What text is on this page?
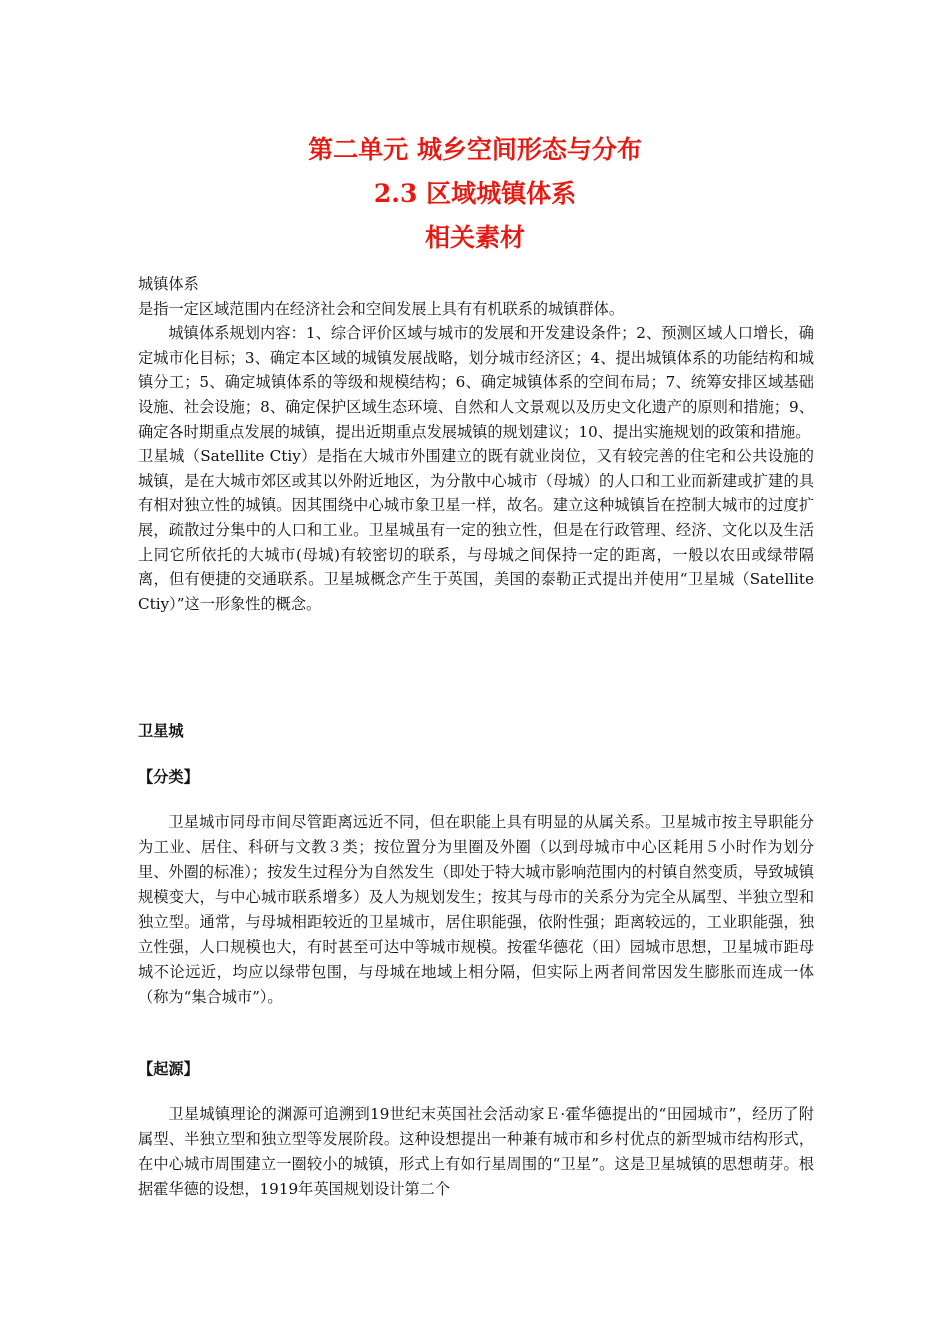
第二单元 城乡空间形态与分布
2.3 区域城镇体系
相关素材

城镇体系

是指一定区域范围内在经济社会和空间发展上具有有机联系的城镇群体。

城镇体系规划内容：1、综合评价区域与城市的发展和开发建设条件；2、预测区域人口增长，确定城市化目标；3、确定本区域的城镇发展战略，划分城市经济区；4、提出城镇体系的功能结构和城镇分工；5、确定城镇体系的等级和规模结构；6、确定城镇体系的空间布局；7、统筹安排区域基础设施、社会设施；8、确定保护区域生态环境、自然和人文景观以及历史文化遗产的原则和措施；9、确定各时期重点发展的城镇，提出近期重点发展城镇的规划建议；10、提出实施规划的政策和措施。

卫星城（Satellite Ctiy）是指在大城市外围建立的既有就业岗位，又有较完善的住宅和公共设施的城镇，是在大城市郊区或其以外附近地区，为分散中心城市（母城）的人口和工业而新建或扩建的具有相对独立性的城镇。因其围绕中心城市象卫星一样，故名。建立这种城镇旨在控制大城市的过度扩展，疏散过分集中的人口和工业。卫星城虽有一定的独立性，但是在行政管理、经济、文化以及生活上同它所依托的大城市(母城)有较密切的联系，与母城之间保持一定的距离，一般以农田或绿带隔离，但有便捷的交通联系。卫星城概念产生于英国，美国的泰勒正式提出并使用“卫星城（Satellite Ctiy）”这一形象性的概念。

卫星城
【分类】

卫星城市同母市间尽管距离远近不同，但在职能上具有明显的从属关系。卫星城市按主导职能分为工业、居住、科研与文教３类；按位置分为里圈及外圈（以到母城市中心区耗用５小时作为划分里、外圈的标准）；按发生过程分为自然发生（即处于特大城市影响范围内的村镇自然变质，导致城镇规模变大，与中心城市联系增多）及人为规划发生；按其与母市的关系分为完全从属型、半独立型和独立型。通常，与母城相距较近的卫星城市，居住职能强，依附性强；距离较远的，工业职能强，独立性强，人口规模也大，有时甚至可达中等城市规模。按霍华德花（田）园城市思想，卫星城市距母城不论远近，均应以绿带包围，与母城在地域上相分隔，但实际上两者间常因发生膨胀而连成一体（称为“集合城市”）。

【起源】

卫星城镇理论的渊源可追溯到19世纪末英国社会活动家Ｅ·霍华德提出的“田园城市”，经历了附属型、半独立型和独立型等发展阶段。这种设想提出一种兼有城市和乡村优点的新型城市结构形式，在中心城市周围建立一圈较小的城镇，形式上有如行星周围的“卫星”。这是卫星城镇的思想萌芽。根据霍华德的设想，1919年英国规划设计第二个
